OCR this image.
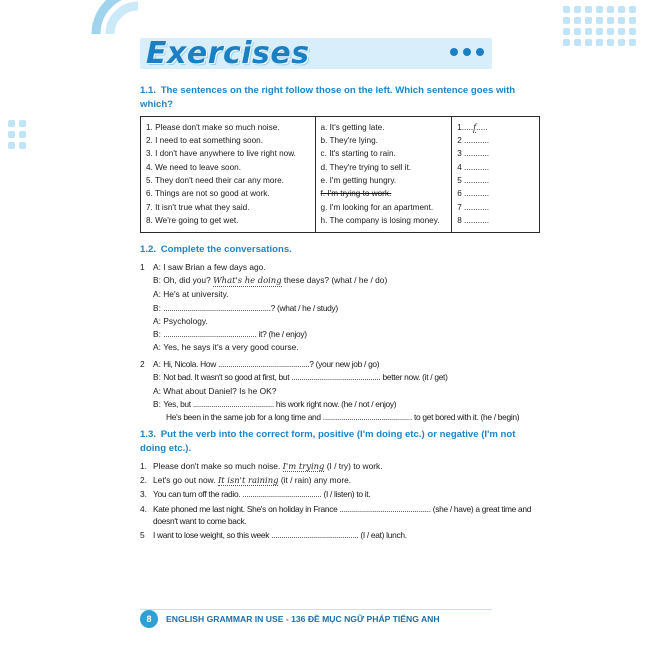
Exercises
1.1. The sentences on the right follow those on the left. Which sentence goes with which?
1. Please don't make so much noise.
2. I need to eat something soon.
3. I don't have anywhere to live right now.
4. We need to leave soon.
5. They don't need their car any more.
6. Things are not so good at work.
7. It isn't true what they said.
8. We're going to get wet.
a. It's getting late.
b. They're lying.
c. It's starting to rain.
d. They're trying to sell it.
e. I'm getting hungry.
f. I'm trying to work.
g. I'm looking for an apartment.
h. The company is losing money.
1.....f.....
2 ...........
3 ...........
4 ...........
5 ...........
6 ...........
7 ...........
8 ...........
1.2. Complete the conversations.
1 A: I saw Brian a few days ago.
B:
Oh, did you?
What's he doing
these days? (what / he / do)
A:
He's at university.
B:
.....................................................? (what / he / study)
A:
Psychology.
B:
.............................................. it? (he / enjoy)
A:
Yes, he says it's a very good course.
2 A: Hi, Nicola. How .............................................? (your new job / go)
B:
Not bad. It wasn't so good at first, but ............................................ better now. (it / get)
A:
What about Daniel? Is he OK?
B:
Yes, but ........................................ his work right now. (he / not / enjoy)
He's been in the same job for a long time and ............................................ to get bored with it. (he / begin)
1.3. Put the verb into the correct form, positive (I'm doing etc.) or negative (I'm not doing etc.).
1. Please don't make so much noise. I'm trying (I / try) to work.
2. Let's go out now. It isn't raining (it / rain) any more.
3. You can turn off the radio. ....................................... (I / listen) to it.
4. Kate phoned me last night. She's on holiday in France ............................................. (she / have) a great time and doesn't want to come back.
5 I want to lose weight, so this week ........................................... (I / eat) lunch.
8	ENGLISH GRAMMAR IN USE - 136 ĐỀ MỤC NGỮ PHÁP TIẾNG ANH
